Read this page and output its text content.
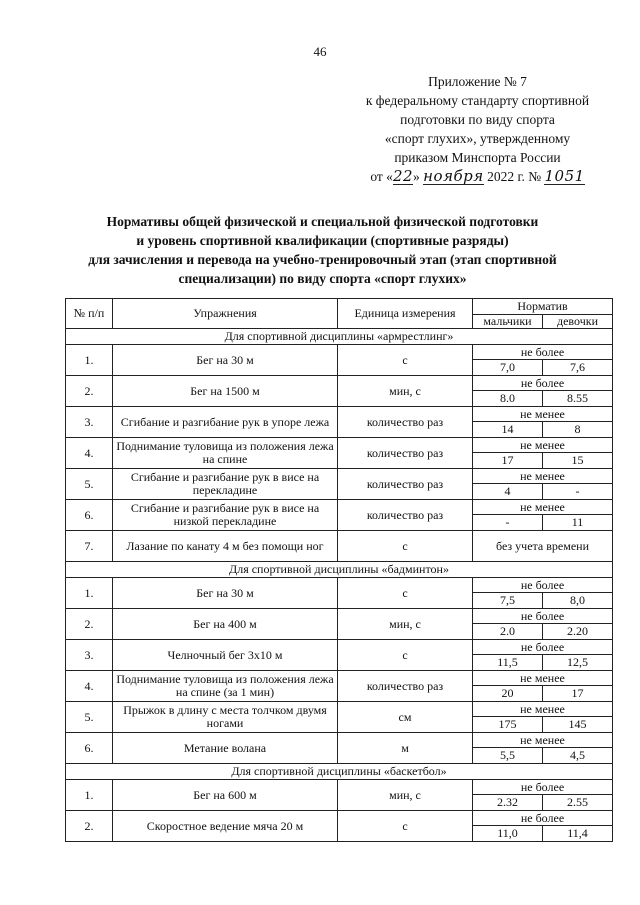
46
Приложение № 7
к федеральному стандарту спортивной
подготовки по виду спорта
«спорт глухих», утвержденному
приказом Минспорта России
от «22» ноября 2022 г. № 1051
Нормативы общей физической и специальной физической подготовки
и уровень спортивной квалификации (спортивные разряды)
для зачисления и перевода на учебно-тренировочный этап (этап спортивной
специализации) по виду спорта «спорт глухих»
№ п/п	Упражнения	Единица измерения	Норматив	
			мальчики	девочки
Для спортивной дисциплины «армрестлинг»				
1.	Бег на 30 м	с	не более	
			7,0	7,6
2.	Бег на 1500 м	мин, с	не более	
			8.0	8.55
3.	Сгибание и разгибание рук в упоре лежа	количество раз	не менее	
			14	8
4.	Поднимание туловища из положения лежа на спине	количество раз	не менее	
			17	15
5.	Сгибание и разгибание рук в висе на перекладине	количество раз	не менее	
			4	-
6.	Сгибание и разгибание рук в висе на низкой перекладине	количество раз	не менее	
			-	11
7.	Лазание по канату 4 м без помощи ног	с	без учета времени	
Для спортивной дисциплины «бадминтон»				
1.	Бег на 30 м	с	не более	
			7,5	8,0
2.	Бег на 400 м	мин, с	не более	
			2.0	2.20
3.	Челночный бег 3х10 м	с	не более	
			11,5	12,5
4.	Поднимание туловища из положения лежа на спине (за 1 мин)	количество раз	не менее	
			20	17
5.	Прыжок в длину с места толчком двумя ногами	см	не менее	
			175	145
6.	Метание волана	м	не менее	
			5,5	4,5
Для спортивной дисциплины «баскетбол»				
1.	Бег на 600 м	мин, с	не более	
			2.32	2.55
2.	Скоростное ведение мяча 20 м	с	не более	
			11,0	11,4
